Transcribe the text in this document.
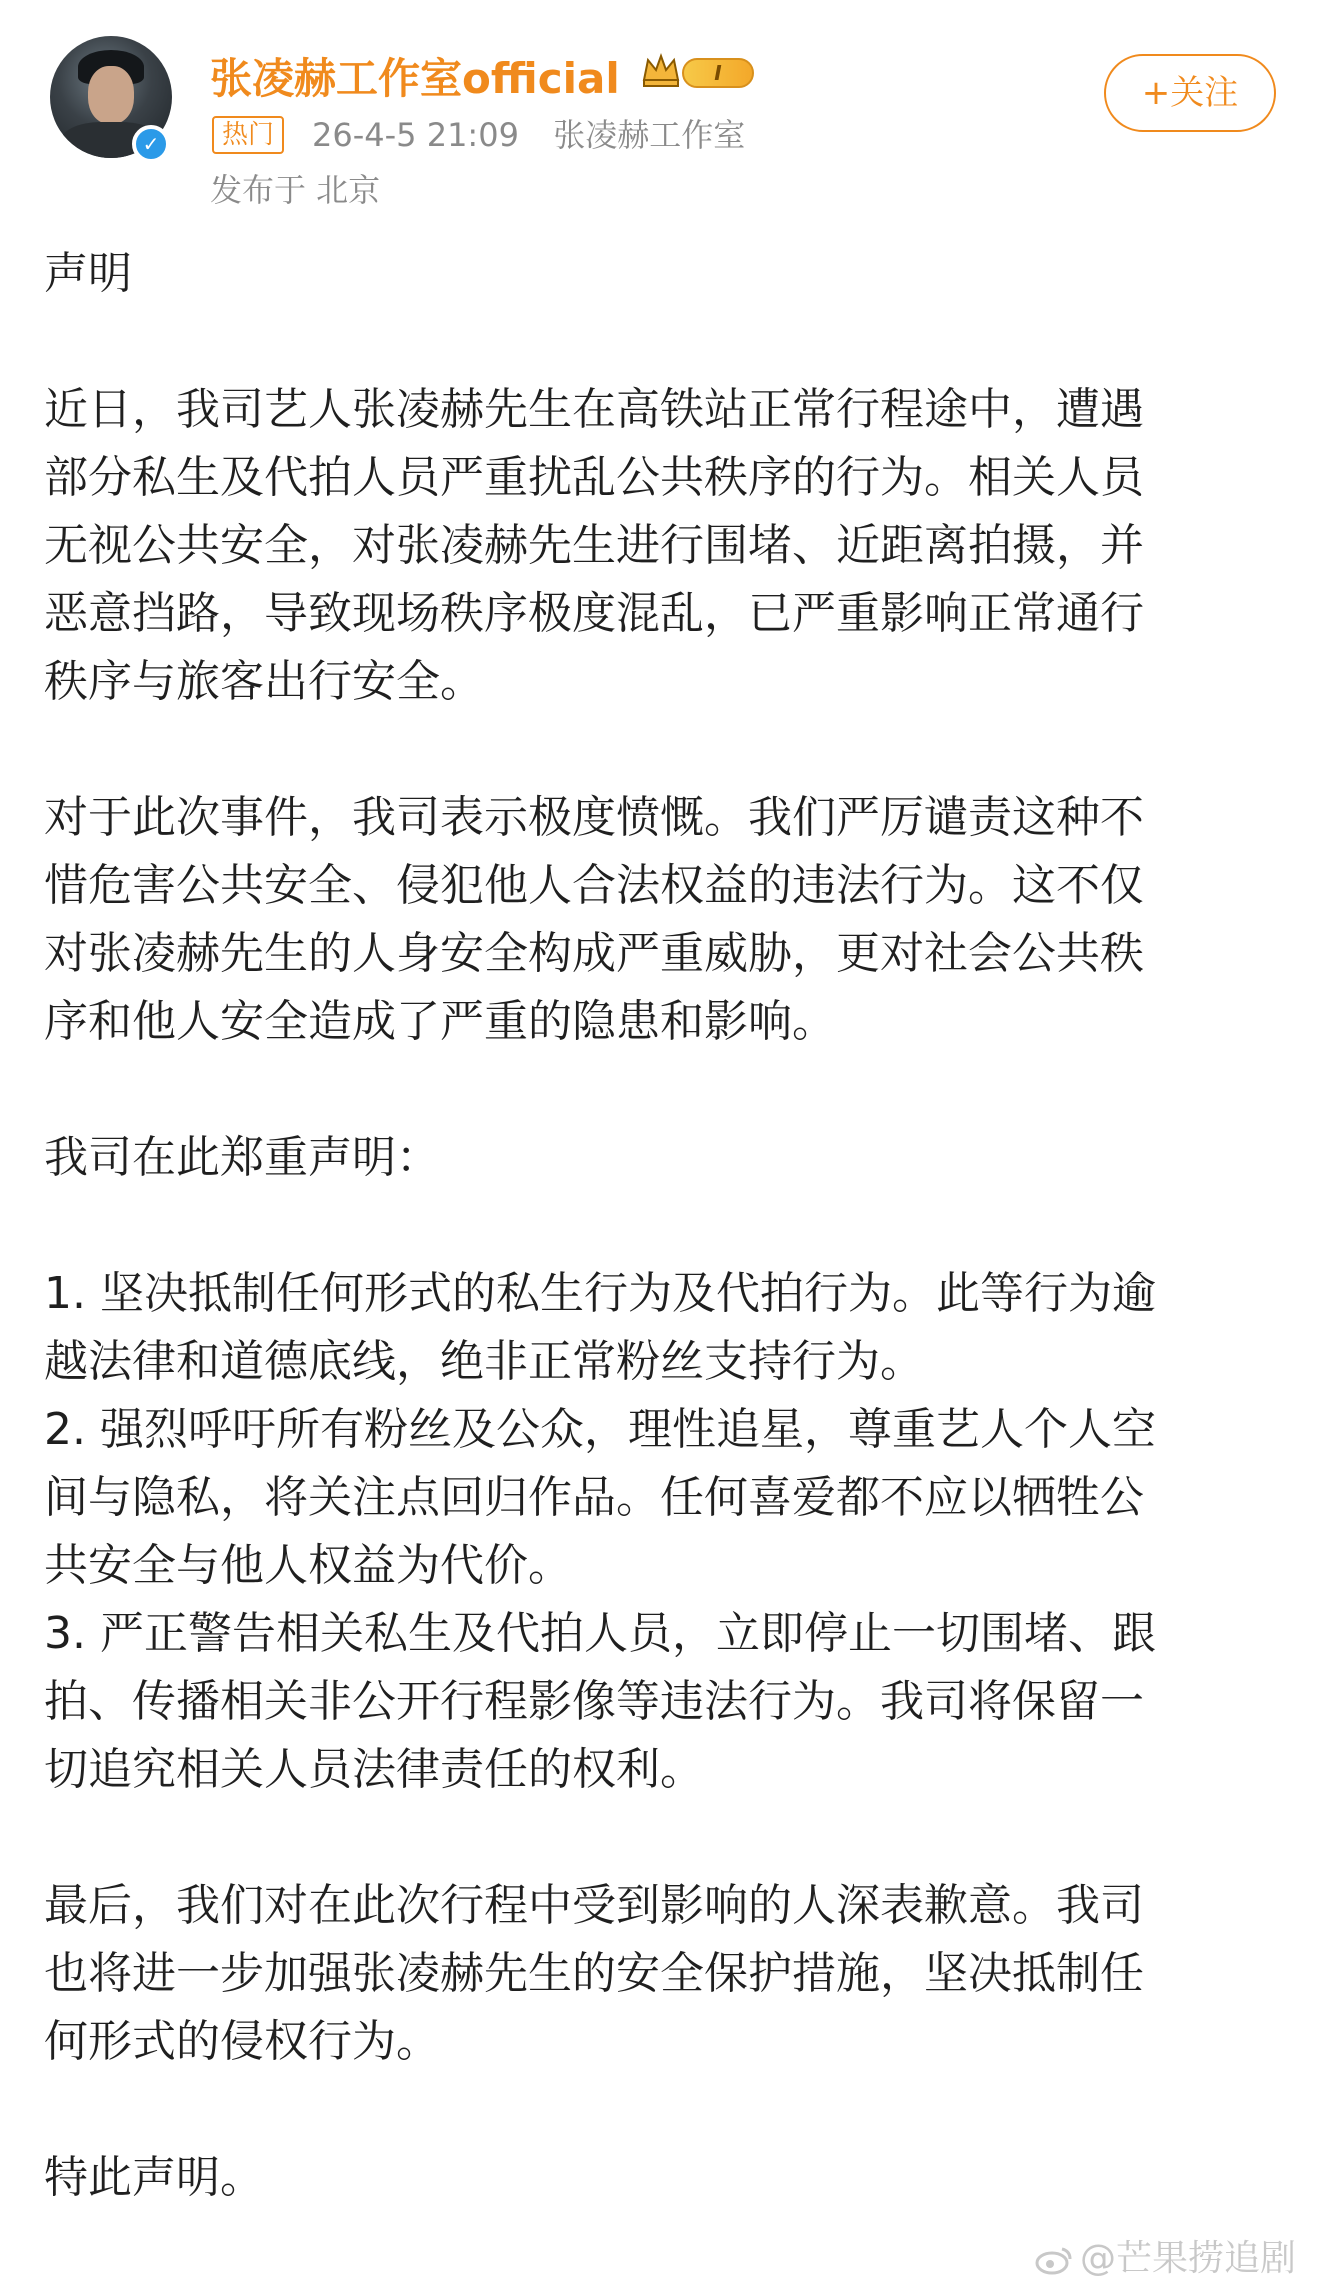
✓
张凌赫工作室official	I
热门	26-4-5 21:09 张凌赫工作室
发布于 北京
+关注

声明

近日，我司艺人张凌赫先生在高铁站正常行程途中，遭遇

部分私生及代拍人员严重扰乱公共秩序的行为。相关人员

无视公共安全，对张凌赫先生进行围堵、近距离拍摄，并

恶意挡路，导致现场秩序极度混乱，已严重影响正常通行

秩序与旅客出行安全。

对于此次事件，我司表示极度愤慨。我们严厉谴责这种不

惜危害公共安全、侵犯他人合法权益的违法行为。这不仅

对张凌赫先生的人身安全构成严重威胁，更对社会公共秩

序和他人安全造成了严重的隐患和影响。

我司在此郑重声明：

1. 坚决抵制任何形式的私生行为及代拍行为。此等行为逾

越法律和道德底线，绝非正常粉丝支持行为。

2. 强烈呼吁所有粉丝及公众，理性追星，尊重艺人个人空

间与隐私，将关注点回归作品。任何喜爱都不应以牺牲公

共安全与他人权益为代价。

3. 严正警告相关私生及代拍人员，立即停止一切围堵、跟

拍、传播相关非公开行程影像等违法行为。我司将保留一

切追究相关人员法律责任的权利。

最后，我们对在此次行程中受到影响的人深表歉意。我司

也将进一步加强张凌赫先生的安全保护措施，坚决抵制任

何形式的侵权行为。

特此声明。

@芒果捞追剧
